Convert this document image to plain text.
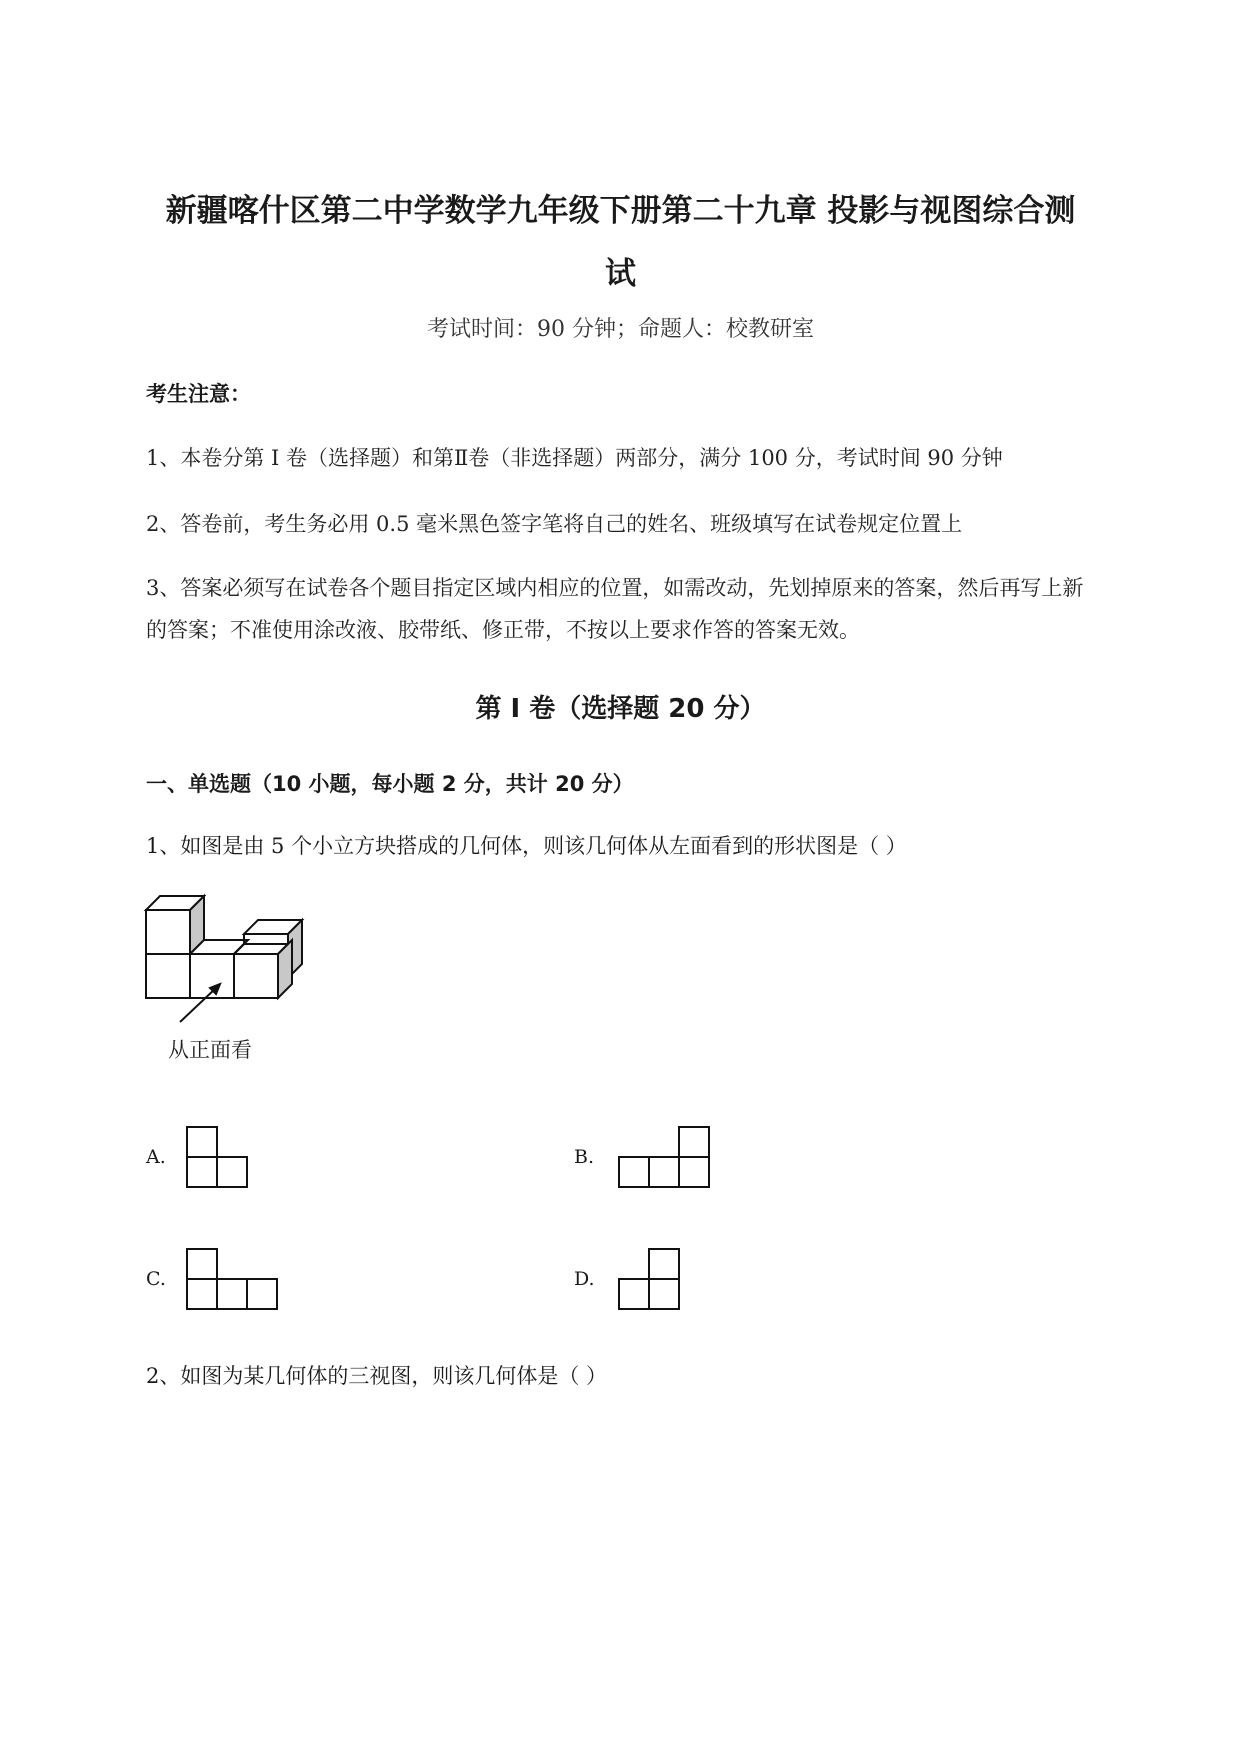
新疆喀什区第二中学数学九年级下册第二十九章 投影与视图综合测
试
考试时间：90 分钟；命题人：校教研室
考生注意：
1、本卷分第 I 卷（选择题）和第Ⅱ卷（非选择题）两部分，满分 100 分，考试时间 90 分钟
2、答卷前，考生务必用 0.5 毫米黑色签字笔将自己的姓名、班级填写在试卷规定位置上
3、答案必须写在试卷各个题目指定区域内相应的位置，如需改动，先划掉原来的答案，然后再写上新
的答案；不准使用涂改液、胶带纸、修正带，不按以上要求作答的答案无效。
第 I 卷（选择题 20 分）
一、单选题（10 小题，每小题 2 分，共计 20 分）
1、如图是由 5 个小立方块搭成的几何体，则该几何体从左面看到的形状图是（ ）
从正面看
A.	B.
C.	D.
2、如图为某几何体的三视图，则该几何体是（ ）
